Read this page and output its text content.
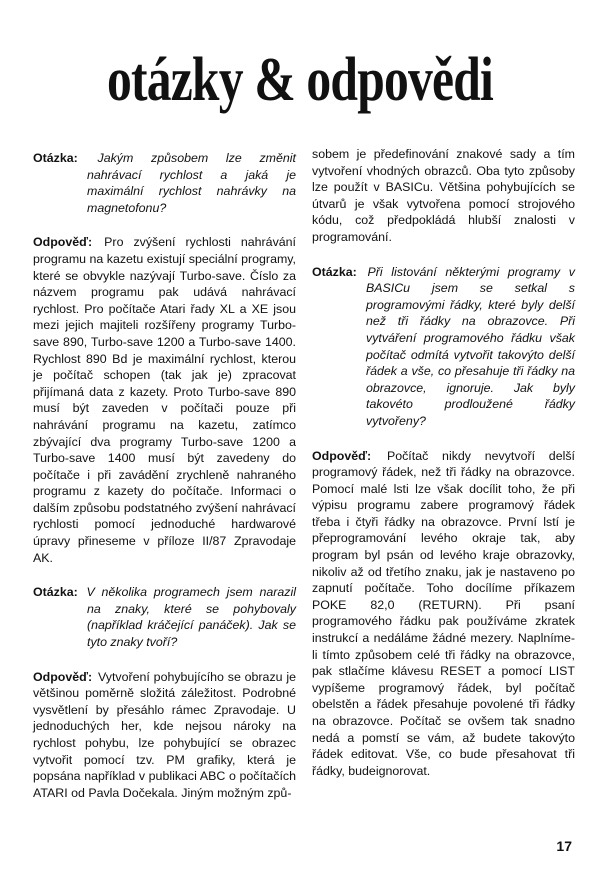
otázky & odpovědi
Otázka: Jakým způsobem lze změnit nahrávací rychlost a jaká je maximální rychlost nahrávky na magnetofonu?
Odpověď: Pro zvýšení rychlosti nahrávání programu na kazetu existují speciální programy, které se obvykle nazývají Turbo-save. Číslo za názvem programu pak udává nahrávací rychlost. Pro počítače Atari řady XL a XE jsou mezi jejich majiteli rozšířeny programy Turbo-save 890, Turbo-save 1200 a Turbo-save 1400. Rychlost 890 Bd je maximální rychlost, kterou je počítač schopen (tak jak je) zpracovat přijímaná data z kazety. Proto Turbo-save 890 musí být zaveden v počítači pouze při nahrávání programu na kazetu, zatímco zbývající dva programy Turbo-save 1200 a Turbo-save 1400 musí být zavedeny do počítače i při zavádění zrychleně nahraného programu z kazety do počítače. Informaci o dalším způsobu podstatného zvýšení nahrávací rychlosti pomocí jednoduché hardwarové úpravy přineseme v příloze II/87 Zpravodaje AK.
Otázka: V několika programech jsem narazil na znaky, které se pohybovaly (například kráčející panáček). Jak se tyto znaky tvoří?
Odpověď: Vytvoření pohybujícího se obrazu je většinou poměrně složitá záležitost. Podrobné vysvětlení by přesáhlo rámec Zpravodaje. U jednoduchých her, kde nejsou nároky na rychlost pohybu, lze pohybující se obrazec vytvořit pomocí tzv. PM grafiky, která je popsána například v publikaci ABC o počítačích ATARI od Pavla Dočekala. Jiným možným způ-
sobem je předefinování znakové sady a tím vytvoření vhodných obrazců. Oba tyto způsoby lze použít v BASICu. Většina pohybujících se útvarů je však vytvořena pomocí strojového kódu, což předpokládá hlubší znalosti v programování.
Otázka: Při listování některými programy v BASICu jsem se setkal s programovými řádky, které byly delší než tři řádky na obrazovce. Při vytváření programového řádku však počítač odmítá vytvořit takovýto delší řádek a vše, co přesahuje tři řádky na obrazovce, ignoruje. Jak byly takovéto prodloužené řádky vytvořeny?
Odpověď: Počítač nikdy nevytvoří delší programový řádek, než tři řádky na obrazovce. Pomocí malé lsti lze však docílit toho, že při výpisu programu zabere programový řádek třeba i čtyři řádky na obrazovce. První lstí je přeprogramování levého okraje tak, aby program byl psán od levého kraje obrazovky, nikoliv až od třetího znaku, jak je nastaveno po zapnutí počítače. Toho docílíme příkazem POKE 82,0 (RETURN). Při psaní programového řádku pak používáme zkratek instrukcí a nedáláme žádné mezery. Naplníme-li tímto způsobem celé tři řádky na obrazovce, pak stlačíme klávesu RESET a pomocí LIST vypíšeme programový řádek, byl počítač obelstěn a řádek přesahuje povolené tři řádky na obrazovce. Počítač se ovšem tak snadno nedá a pomstí se vám, až budete takovýto řádek editovat. Vše, co bude přesahovat tři řádky, budeignorovat.
17
